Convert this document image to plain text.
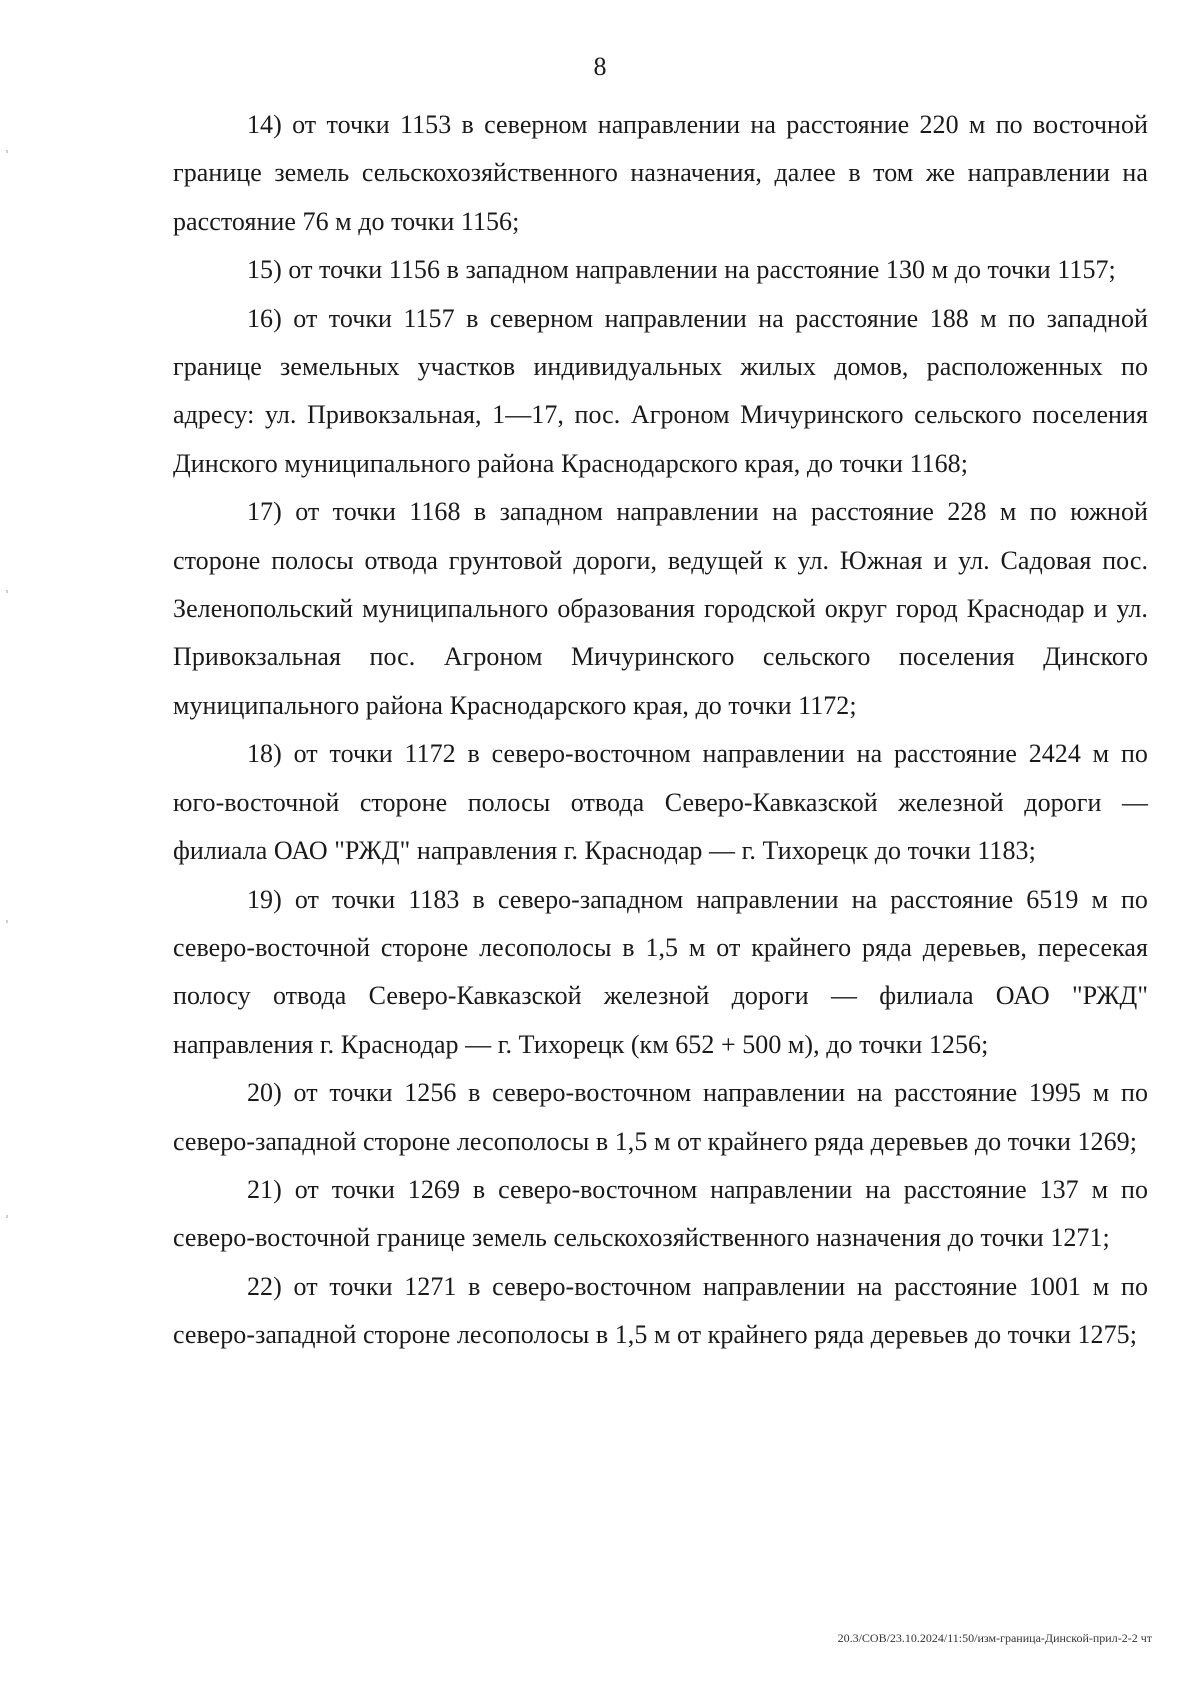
8

14) от точки 1153 в северном направлении на расстояние 220 м по восточной границе земель сельскохозяйственного назначения, далее в том же направлении на расстояние 76 м до точки 1156;

15) от точки 1156 в западном направлении на расстояние 130 м до точки 1157;

16) от точки 1157 в северном направлении на расстояние 188 м по западной границе земельных участков индивидуальных жилых домов, расположенных по адресу: ул. Привокзальная, 1—17, пос. Агроном Мичуринского сельского поселения Динского муниципального района Краснодарского края, до точки 1168;

17) от точки 1168 в западном направлении на расстояние 228 м по южной стороне полосы отвода грунтовой дороги, ведущей к ул. Южная и ул. Садовая пос. Зеленопольский муниципального образования городской округ город Краснодар и ул. Привокзальная пос. Агроном Мичуринского сельского поселения Динского муниципального района Краснодарского края, до точки 1172;

18) от точки 1172 в северо-восточном направлении на расстояние 2424 м по юго-восточной стороне полосы отвода Северо-Кавказской железной дороги — филиала ОАО "РЖД" направления г. Краснодар — г. Тихорецк до точки 1183;

19) от точки 1183 в северо-западном направлении на расстояние 6519 м по северо-восточной стороне лесополосы в 1,5 м от крайнего ряда деревьев, пересекая полосу отвода Северо-Кавказской железной дороги — филиала ОАО "РЖД" направления г. Краснодар — г. Тихорецк (км 652 + 500 м), до точки 1256;

20) от точки 1256 в северо-восточном направлении на расстояние 1995 м по северо-западной стороне лесополосы в 1,5 м от крайнего ряда деревьев до точки 1269;

21) от точки 1269 в северо-восточном направлении на расстояние 137 м по северо-восточной границе земель сельскохозяйственного назначения до точки 1271;

22) от точки 1271 в северо-восточном направлении на расстояние 1001 м по северо-западной стороне лесополосы в 1,5 м от крайнего ряда деревьев до точки 1275;

20.3/СОВ/23.10.2024/11:50/изм-граница-Динской-прил-2-2 чт
